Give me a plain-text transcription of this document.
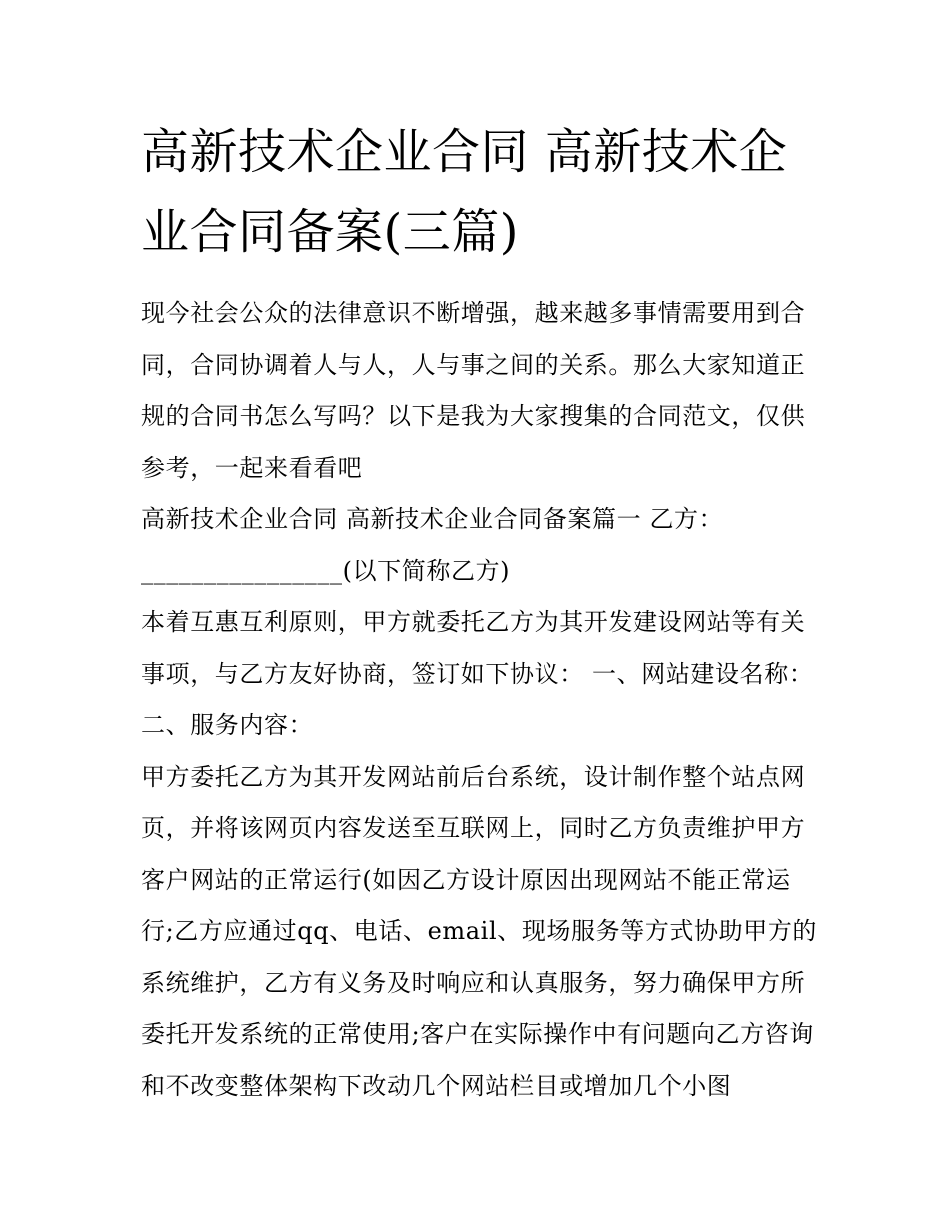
高新技术企业合同 高新技术企业合同备案(三篇)

现今社会公众的法律意识不断增强，越来越多事情需要用到合同，合同协调着人与人，人与事之间的关系。那么大家知道正规的合同书怎么写吗？以下是我为大家搜集的合同范文，仅供参考，一起来看看吧

高新技术企业合同 高新技术企业合同备案篇一 乙方：________________(以下简称乙方)

本着互惠互利原则，甲方就委托乙方为其开发建设网站等有关事项，与乙方友好协商，签订如下协议： 一、网站建设名称： 二、服务内容：

甲方委托乙方为其开发网站前后台系统，设计制作整个站点网页，并将该网页内容发送至互联网上，同时乙方负责维护甲方客户网站的正常运行(如因乙方设计原因出现网站不能正常运行;乙方应通过qq、电话、email、现场服务等方式协助甲方的系统维护，乙方有义务及时响应和认真服务，努力确保甲方所委托开发系统的正常使用;客户在实际操作中有问题向乙方咨询和不改变整体架构下改动几个网站栏目或增加几个小图
